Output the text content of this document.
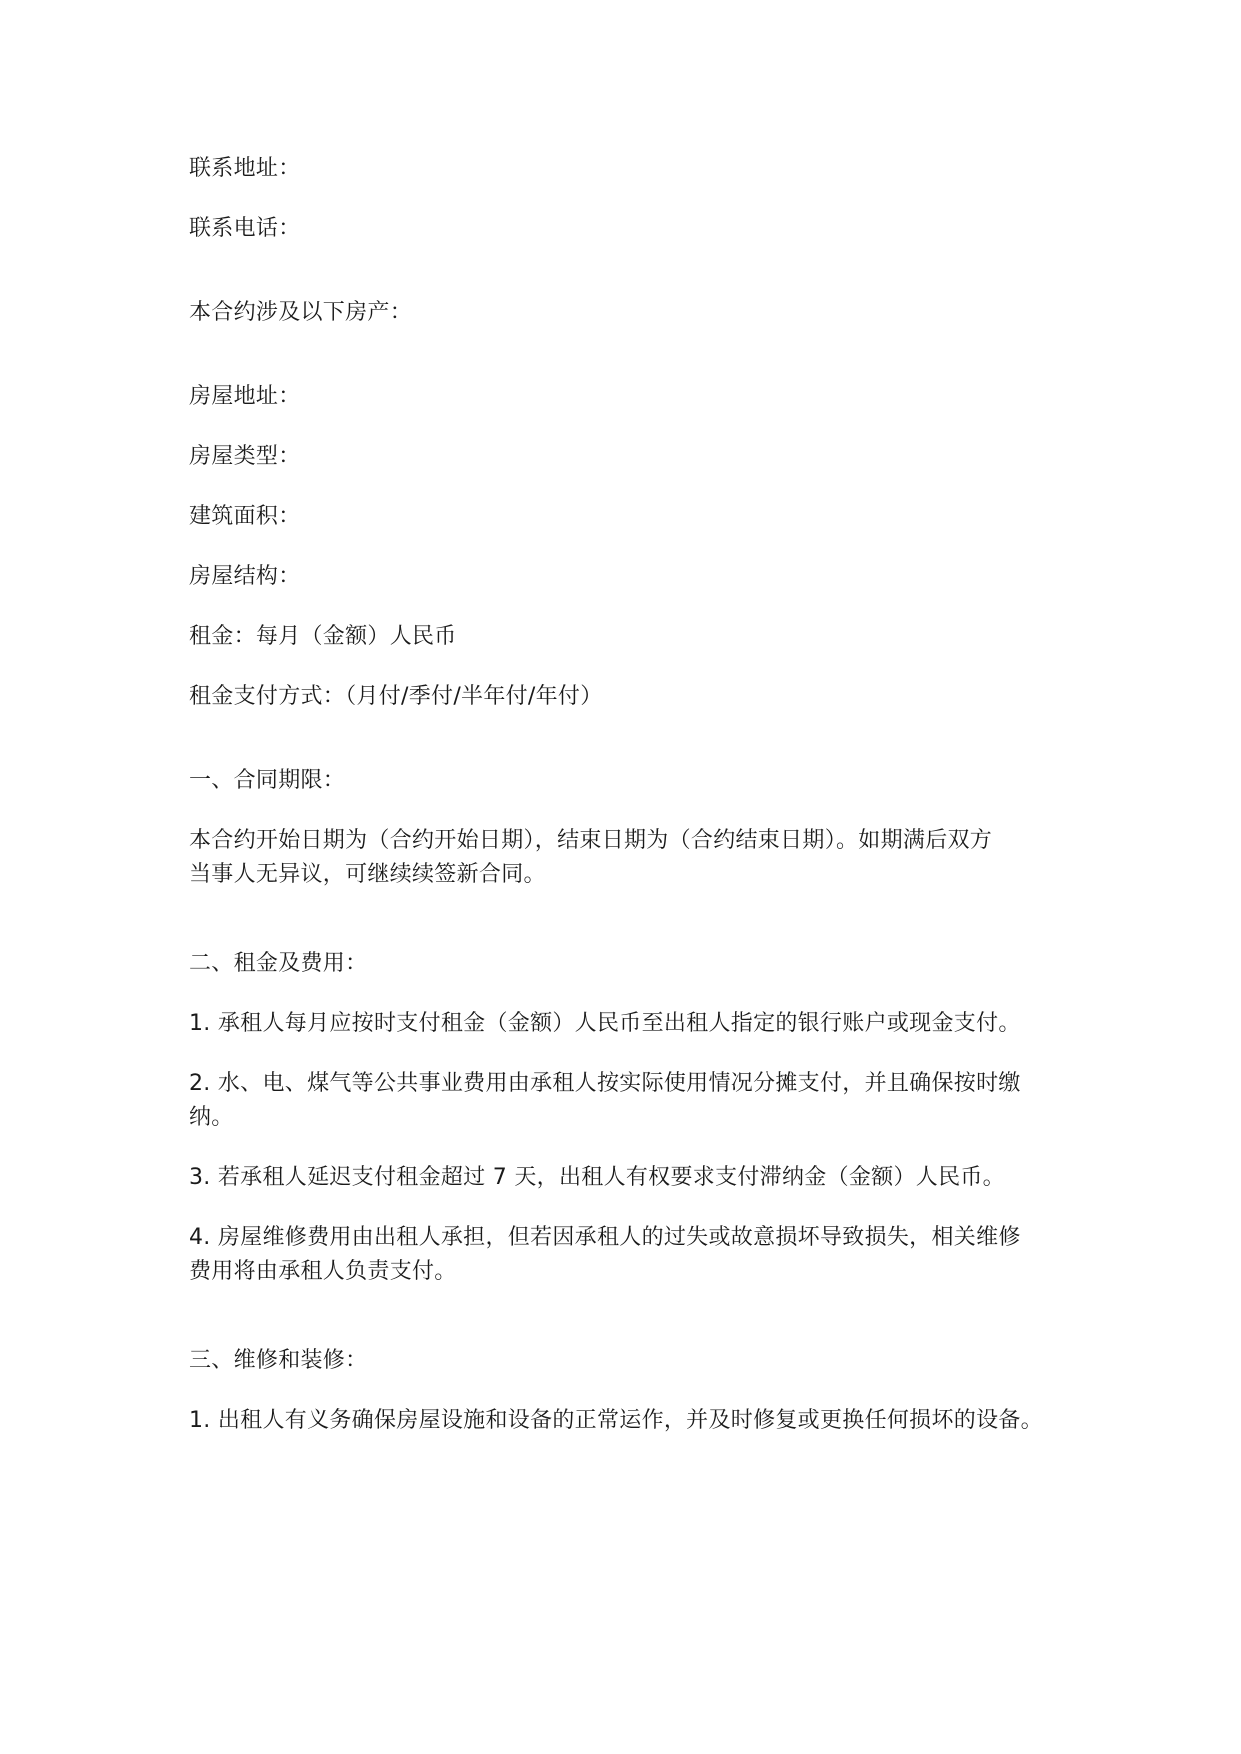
联系地址：
联系电话：
本合约涉及以下房产：
房屋地址：
房屋类型：
建筑面积：
房屋结构：
租金：每月（金额）人民币
租金支付方式：（月付/季付/半年付/年付）
一、合同期限：
本合约开始日期为（合约开始日期），结束日期为（合约结束日期）。如期满后双方
当事人无异议，可继续续签新合同。
二、租金及费用：
1. 承租人每月应按时支付租金（金额）人民币至出租人指定的银行账户或现金支付。
2. 水、电、煤气等公共事业费用由承租人按实际使用情况分摊支付，并且确保按时缴
纳。
3. 若承租人延迟支付租金超过 7 天，出租人有权要求支付滞纳金（金额）人民币。
4. 房屋维修费用由出租人承担，但若因承租人的过失或故意损坏导致损失，相关维修
费用将由承租人负责支付。
三、维修和装修：
1. 出租人有义务确保房屋设施和设备的正常运作，并及时修复或更换任何损坏的设备。
